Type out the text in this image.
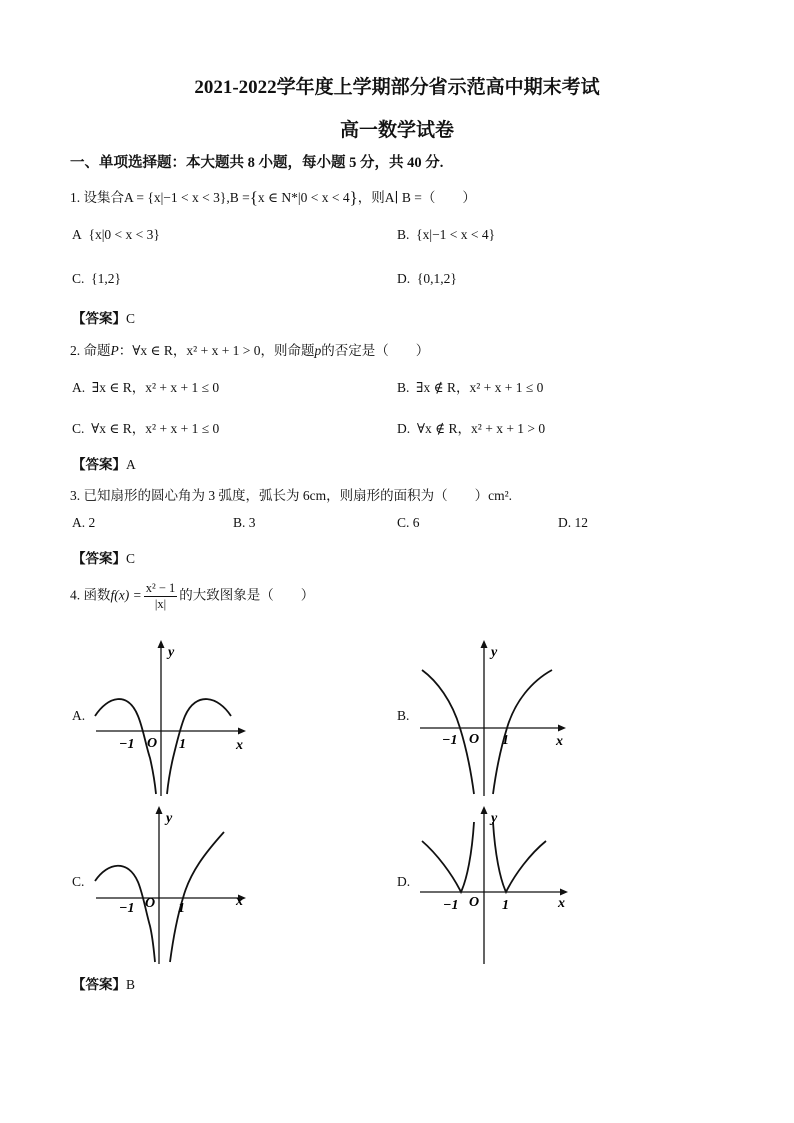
2021-2022学年度上学期部分省示范高中期末考试
高一数学试卷
一、单项选择题：本大题共 8 小题，每小题 5 分，共 40 分.
1. 设集合A = {x|−1 < x < 3},B ={x ∈ N*|0 < x < 4}，则A∣ B =（　　）
A {x|0 < x < 3}	B. {x|−1 < x < 4}
C. {1,2}	D. {0,1,2}
【答案】C
2. 命题P：∀x ∈ R，x² + x + 1 > 0，则命题p的否定是（　　）
A. ∃x ∈ R，x² + x + 1 ≤ 0	B. ∃x ∉ R，x² + x + 1 ≤ 0
C. ∀x ∈ R，x² + x + 1 ≤ 0	D. ∀x ∉ R，x² + x + 1 > 0
【答案】A
3. 已知扇形的圆心角为 3 弧度，弧长为 6cm，则扇形的面积为（　　）cm².
A. 2	B. 3	C. 6	D. 12
【答案】C
4. 函数$f(x) = \frac{\text{x² − 1}}{|x|}$ 的大致图象是（　　）
A.	B.
C.	D.
y
x
−1 O 1
y
x
−1 O 1
y
x
−1 O 1
y
x
−1 O 1
【答案】B
